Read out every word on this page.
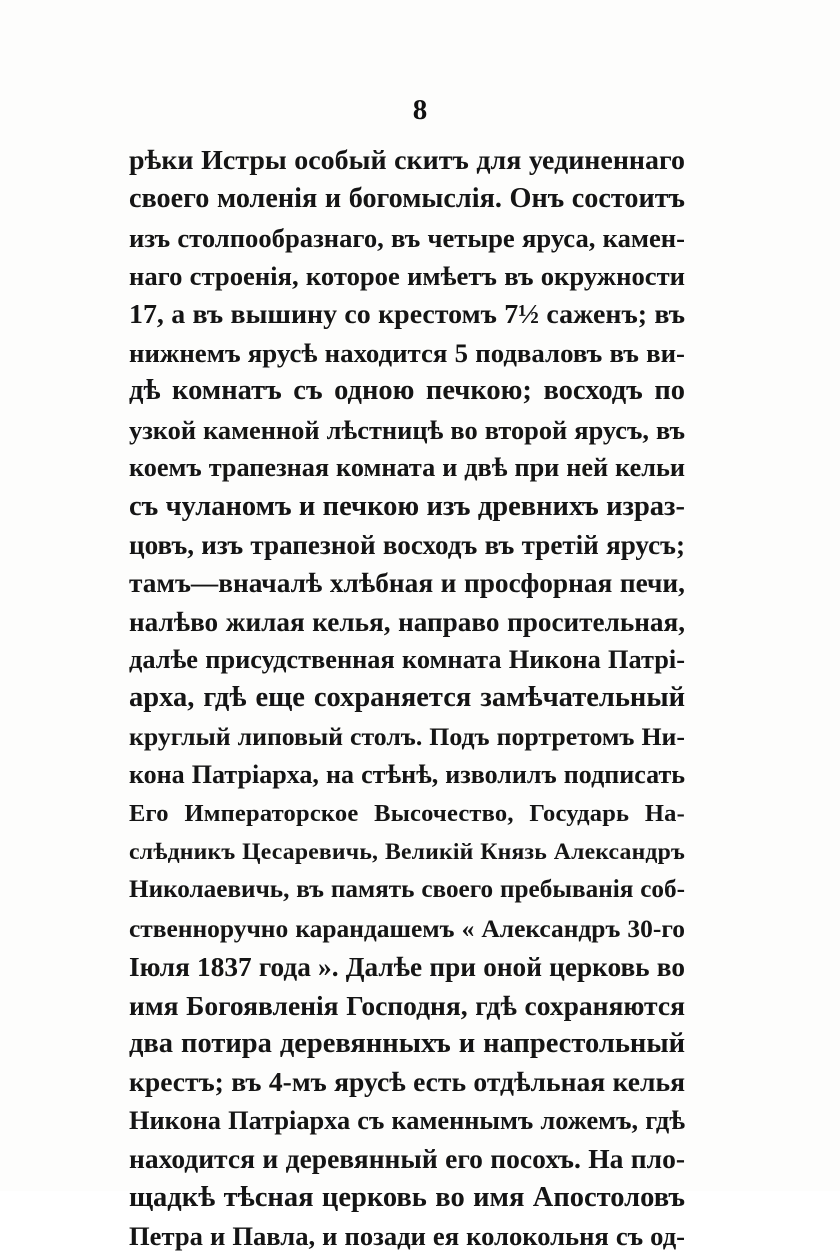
8
рѣки Истры особый скитъ для уединеннаго
своего моленія и богомыслія. Онъ состоитъ
изъ столпообразнаго, въ четыре яруса, камен-
наго строенія, которое имѣетъ въ окружности
17, а въ вышину со крестомъ 7½ саженъ; въ
нижнемъ ярусѣ находится 5 подваловъ въ ви-
дѣ комнатъ съ одною печкою; восходъ по
узкой каменной лѣстницѣ во второй ярусъ, въ
коемъ трапезная комната и двѣ при ней кельи
съ чуланомъ и печкою изъ древнихъ израз-
цовъ, изъ трапезной восходъ въ третій ярусъ;
тамъ—вначалѣ хлѣбная и просфорная печи,
налѣво жилая келья, направо просительная,
далѣе присудственная комната Никона Патрі-
арха, гдѣ еще сохраняется замѣчательный
круглый липовый столъ. Подъ портретомъ Ни-
кона Патріарха, на стѣнѣ, изволилъ подписать
Его Императорское Высочество, Государь На-
слѣдникъ Цесаревичь, Великій Князь Александръ
Николаевичь, въ память своего пребыванія соб-
ственноручно карандашемъ « Александръ 30-го
Іюля 1837 года ». Далѣе при оной церковь во
имя Богоявленія Господня, гдѣ сохраняются
два потира деревянныхъ и напрестольный
крестъ; въ 4-мъ ярусѣ есть отдѣльная келья
Никона Патріарха съ каменнымъ ложемъ, гдѣ
находится и деревянный его посохъ. На пло-
щадкѣ тѣсная церковь во имя Апостоловъ
Петра и Павла, и позади ея колокольня съ од-
